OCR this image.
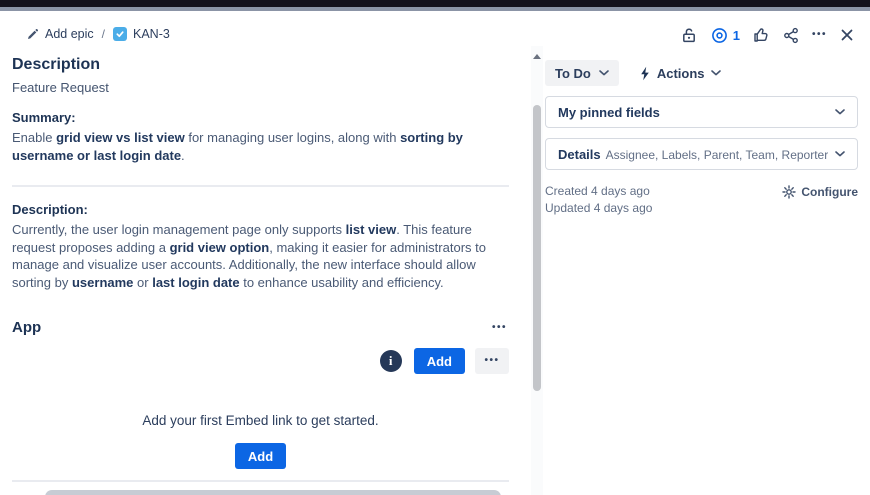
Add epic / KAN-3	1	•••
Description
Feature Request
Summary:
Enable grid view vs list view for managing user logins, along with sorting by username or last login date.
Description:
Currently, the user login management page only supports list view. This feature request proposes adding a grid view option, making it easier for administrators to manage and visualize user accounts. Additionally, the new interface should allow sorting by username or last login date to enhance usability and efficiency.
App	•••
i	Add	•••
Add your first Embed link to get started.
Add
To Do	Actions
My pinned fields
Details Assignee, Labels, Parent, Team, Reporter
Created 4 days ago
Updated 4 days ago
Configure
